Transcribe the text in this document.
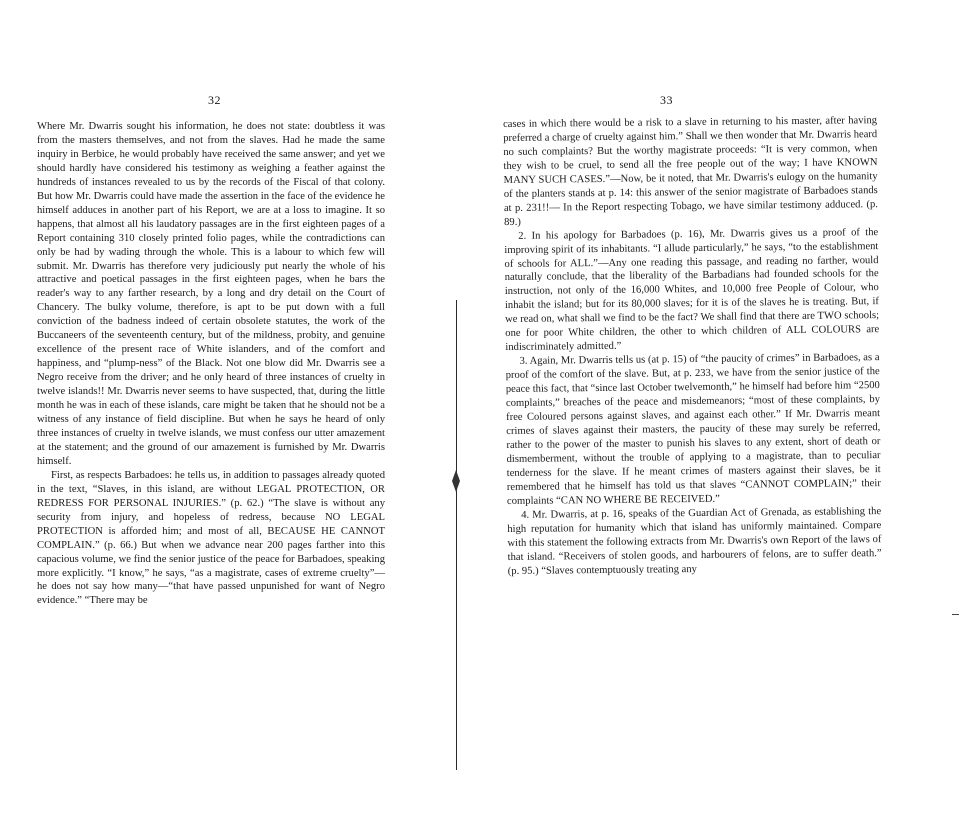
32

Where Mr. Dwarris sought his information, he does not state: doubtless it was from the masters themselves, and not from the slaves. Had he made the same inquiry in Berbice, he would probably have received the same answer; and yet we should hardly have considered his testimony as weighing a feather against the hundreds of instances revealed to us by the records of the Fiscal of that colony. But how Mr. Dwarris could have made the assertion in the face of the evidence he himself adduces in another part of his Report, we are at a loss to imagine. It so happens, that almost all his laudatory passages are in the first eighteen pages of a Report containing 310 closely printed folio pages, while the contradictions can only be had by wading through the whole. This is a labour to which few will submit. Mr. Dwarris has therefore very judiciously put nearly the whole of his attractive and poetical passages in the first eighteen pages, when he bars the reader's way to any farther research, by a long and dry detail on the Court of Chancery. The bulky volume, therefore, is apt to be put down with a full conviction of the badness indeed of certain obsolete statutes, the work of the Buccaneers of the seventeenth century, but of the mildness, probity, and genuine excellence of the present race of White islanders, and of the comfort and happiness, and “plump-ness” of the Black. Not one blow did Mr. Dwarris see a Negro receive from the driver; and he only heard of three instances of cruelty in twelve islands!! Mr. Dwarris never seems to have suspected, that, during the little month he was in each of these islands, care might be taken that he should not be a witness of any instance of field discipline. But when he says he heard of only three instances of cruelty in twelve islands, we must confess our utter amazement at the statement; and the ground of our amazement is furnished by Mr. Dwarris himself.

First, as respects Barbadoes: he tells us, in addition to passages already quoted in the text, “Slaves, in this island, are without LEGAL PROTECTION, OR REDRESS FOR PERSONAL INJURIES.” (p. 62.) “The slave is without any security from injury, and hopeless of redress, because NO LEGAL PROTECTION is afforded him; and most of all, BECAUSE HE CANNOT COMPLAIN.” (p. 66.) But when we advance near 200 pages farther into this capacious volume, we find the senior justice of the peace for Barbadoes, speaking more explicitly. “I know,” he says, “as a magistrate, cases of extreme cruelty”—he does not say how many—“that have passed unpunished for want of Negro evidence.” “There may be

33

cases in which there would be a risk to a slave in returning to his master, after having preferred a charge of cruelty against him.” Shall we then wonder that Mr. Dwarris heard no such complaints? But the worthy magistrate proceeds: “It is very common, when they wish to be cruel, to send all the free people out of the way; I have KNOWN MANY SUCH CASES.”—Now, be it noted, that Mr. Dwarris's eulogy on the humanity of the planters stands at p. 14: this answer of the senior magistrate of Barbadoes stands at p. 231!!— In the Report respecting Tobago, we have similar testimony adduced. (p. 89.)

2. In his apology for Barbadoes (p. 16), Mr. Dwarris gives us a proof of the improving spirit of its inhabitants. “I allude particularly,” he says, “to the establishment of schools for ALL.”—Any one reading this passage, and reading no farther, would naturally conclude, that the liberality of the Barbadians had founded schools for the instruction, not only of the 16,000 Whites, and 10,000 free People of Colour, who inhabit the island; but for its 80,000 slaves; for it is of the slaves he is treating. But, if we read on, what shall we find to be the fact? We shall find that there are TWO schools; one for poor White children, the other to which children of ALL COLOURS are indiscriminately admitted.”

3. Again, Mr. Dwarris tells us (at p. 15) of “the paucity of crimes” in Barbadoes, as a proof of the comfort of the slave. But, at p. 233, we have from the senior justice of the peace this fact, that “since last October twelvemonth,” he himself had before him “2500 complaints,” breaches of the peace and misdemeanors; “most of these complaints, by free Coloured persons against slaves, and against each other.” If Mr. Dwarris meant crimes of slaves against their masters, the paucity of these may surely be referred, rather to the power of the master to punish his slaves to any extent, short of death or dismemberment, without the trouble of applying to a magistrate, than to peculiar tenderness for the slave. If he meant crimes of masters against their slaves, be it remembered that he himself has told us that slaves “CANNOT COMPLAIN;” their complaints “CAN NO WHERE BE RECEIVED.”

4. Mr. Dwarris, at p. 16, speaks of the Guardian Act of Grenada, as establishing the high reputation for humanity which that island has uniformly maintained. Compare with this statement the following extracts from Mr. Dwarris's own Report of the laws of that island. “Receivers of stolen goods, and harbourers of felons, are to suffer death.” (p. 95.) “Slaves contemptuously treating any
